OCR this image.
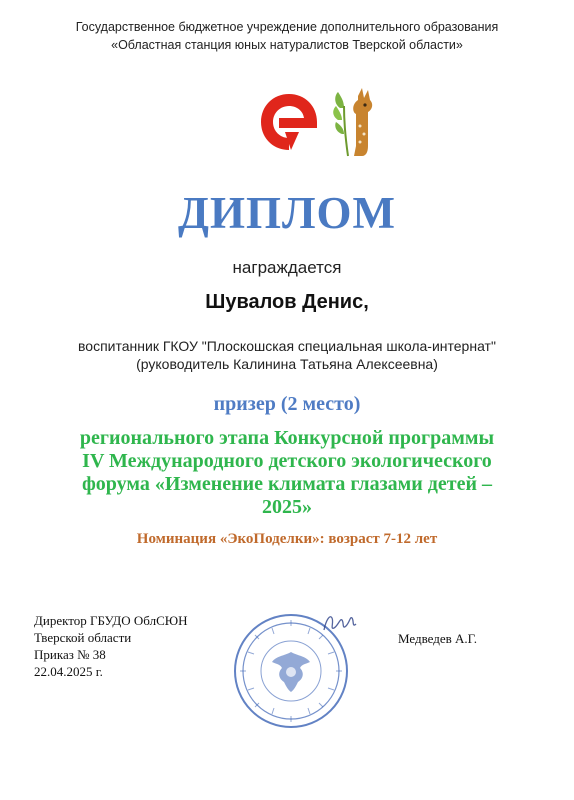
Государственное бюджетное учреждение дополнительного образования
«Областная станция юных натуралистов Тверской области»
ДИПЛОМ
награждается
Шувалов Денис,
воспитанник ГКОУ "Плоскошская специальная школа-интернат"
(руководитель Калинина Татьяна Алексеевна)
призер (2 место)
регионального этапа Конкурсной программы
IV Международного детского экологического
форума «Изменение климата глазами детей –
2025»
Номинация «ЭкоПоделки»: возраст 7-12 лет
Директор ГБУДО ОблСЮН
Тверской области
Приказ № 38
22.04.2025 г.
Медведев А.Г.
